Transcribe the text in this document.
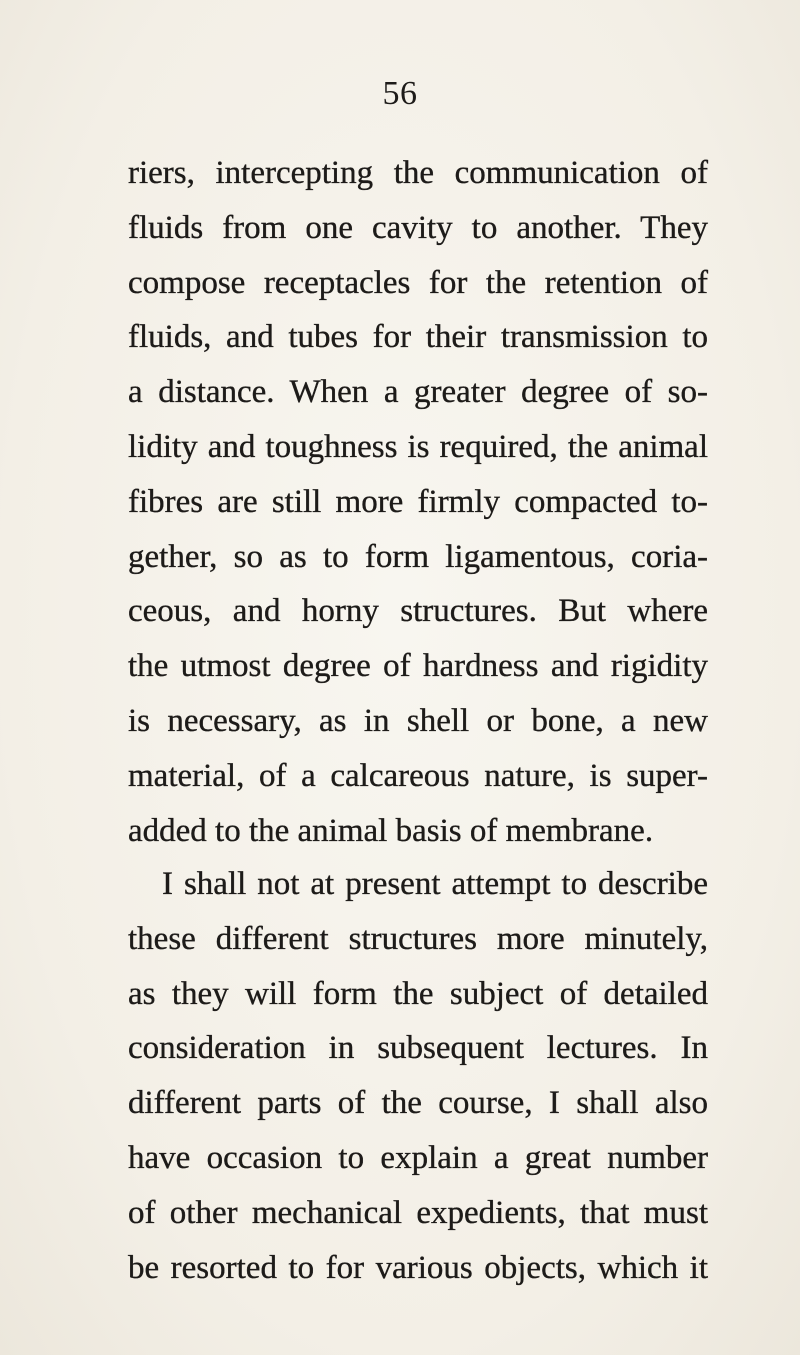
56
riers, intercepting the communication of
fluids from one cavity to another. They
compose receptacles for the retention of
fluids, and tubes for their transmission to
a distance. When a greater degree of so-
lidity and toughness is required, the animal
fibres are still more firmly compacted to-
gether, so as to form ligamentous, coria-
ceous, and horny structures. But where
the utmost degree of hardness and rigidity
is necessary, as in shell or bone, a new
material, of a calcareous nature, is super-
added to the animal basis of membrane.
I shall not at present attempt to describe
these different structures more minutely,
as they will form the subject of detailed
consideration in subsequent lectures. In
different parts of the course, I shall also
have occasion to explain a great number
of other mechanical expedients, that must
be resorted to for various objects, which it
